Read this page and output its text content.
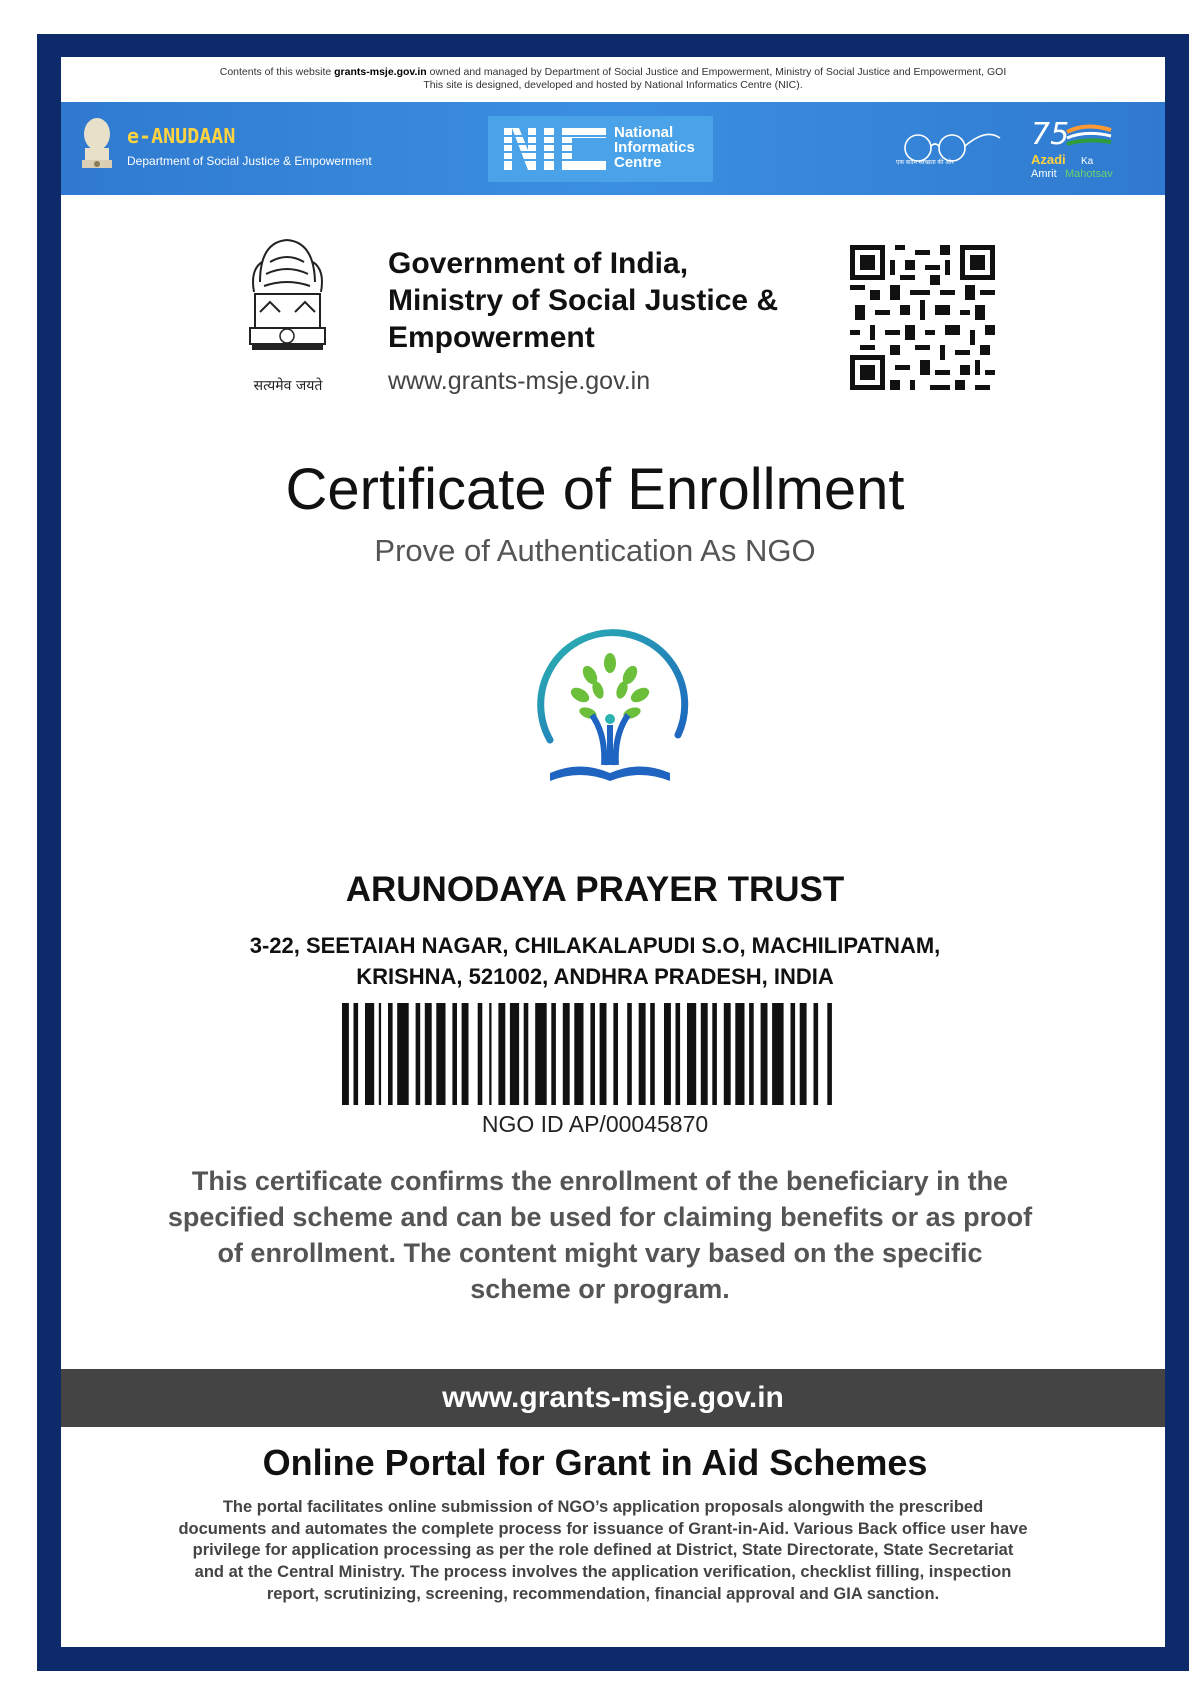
Contents of this website grants-msje.gov.in owned and managed by Department of Social Justice and Empowerment, Ministry of Social Justice and Empowerment, GOI
This site is designed, developed and hosted by National Informatics Centre (NIC).
e-ANUDAAN
Department of Social Justice & Empowerment
National
Informatics
Centre	एक कदम स्वच्छता की ओर
75
Azadi Ka
Amrit Mahotsav
सत्यमेव जयते
Government of India,
Ministry of Social Justice &
Empowerment
www.grants-msje.gov.in
Certificate of Enrollment
Prove of Authentication As NGO
ARUNODAYA PRAYER TRUST
3-22, SEETAIAH NAGAR, CHILAKALAPUDI S.O, MACHILIPATNAM,
KRISHNA, 521002, ANDHRA PRADESH, INDIA
NGO ID AP/00045870
This certificate confirms the enrollment of the beneficiary in the specified scheme and can be used for claiming benefits or as proof of enrollment. The content might vary based on the specific scheme or program.
www.grants-msje.gov.in
Online Portal for Grant in Aid Schemes
The portal facilitates online submission of NGO’s application proposals alongwith the prescribed documents and automates the complete process for issuance of Grant-in-Aid. Various Back office user have privilege for application processing as per the role defined at District, State Directorate, State Secretariat and at the Central Ministry. The process involves the application verification, checklist filling, inspection report, scrutinizing, screening, recommendation, financial approval and GIA sanction.
